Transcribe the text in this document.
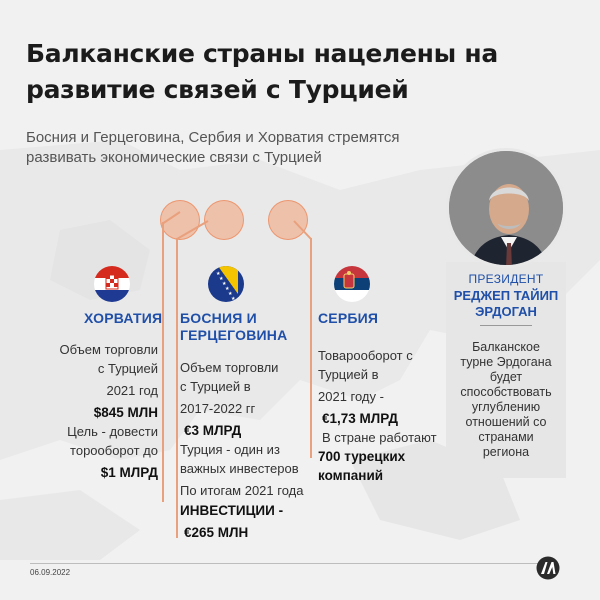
Балканские страны нацелены на развитие связей с Турцией
Босния и Герцеговина, Сербия и Хорватия стремятся развивать экономические связи с Турцией
ХОРВАТИЯ

Объем торговли

с Турцией

2021 год

$845 МЛН

Цель - довести

торооборот до

$1 МЛРД

★
★
★
★
★
★
БОСНИЯ И
ГЕРЦЕГОВИНА

Объем торговли

с Турцией в

2017-2022 гг

€3 МЛРД

Турция - один из

важных инвестеров

По итогам 2021 года

ИНВЕСТИЦИИ -

€265 МЛН

СЕРБИЯ

Товарооборот с

Турцией в

2021 году -

€1,73 МЛРД

В стране работают

700 турецких

компаний

ПРЕЗИДЕНТ
РЕДЖЕП ТАЙИП
ЭРДОГАН
Балканское
турне Эрдогана
будет
способствовать
углублению
отношений со
странами
региона
06.09.2022
